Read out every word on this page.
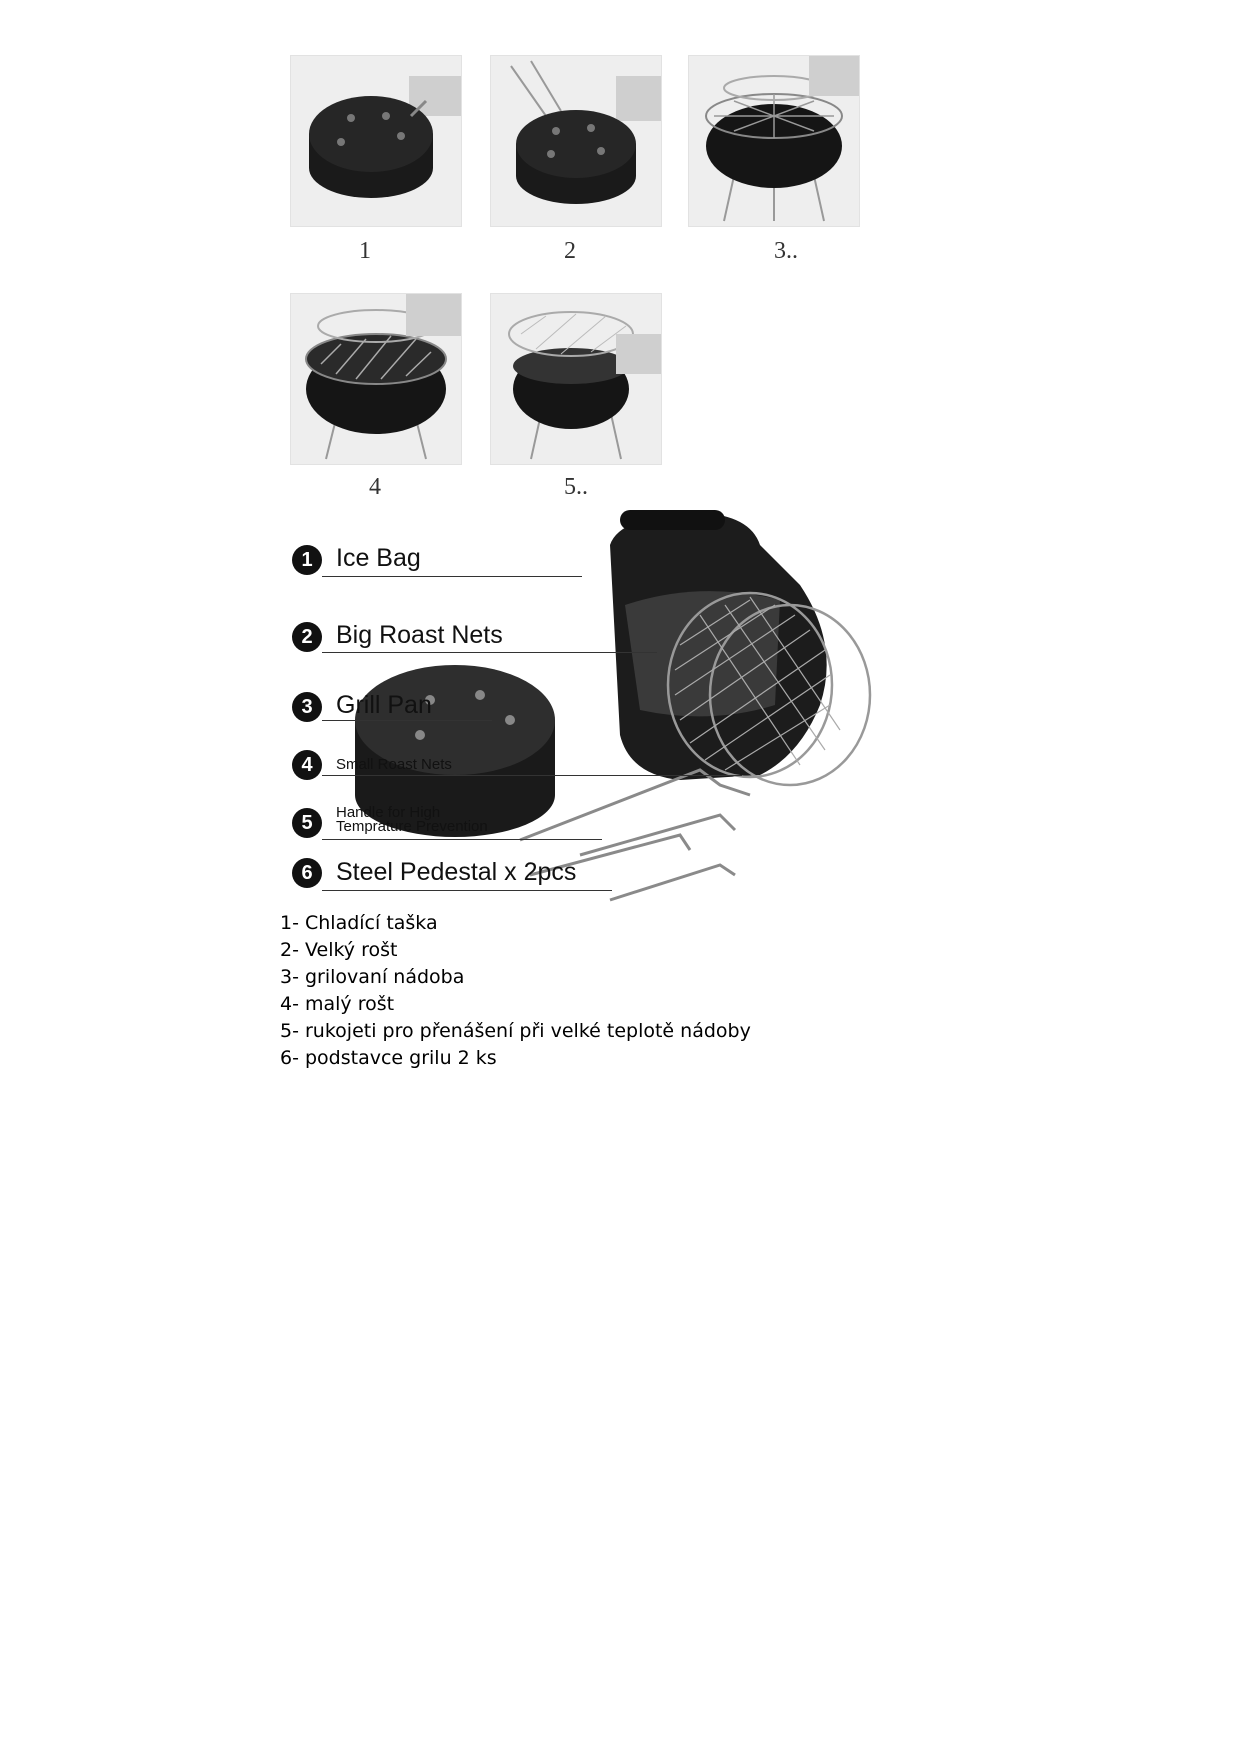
1	2	3..
4	5..
1 Ice Bag
2 Big Roast Nets
3 Grill Pan
4	Small Roast Nets
5	Handle for High
Temprature Prevention
6 Steel Pedestal x 2pcs
1- Chladící taška
2- Velký rošt
3- grilovaní nádoba
4- malý rošt
5- rukojeti pro přenášení při velké teplotě nádoby
6- podstavce grilu 2 ks
